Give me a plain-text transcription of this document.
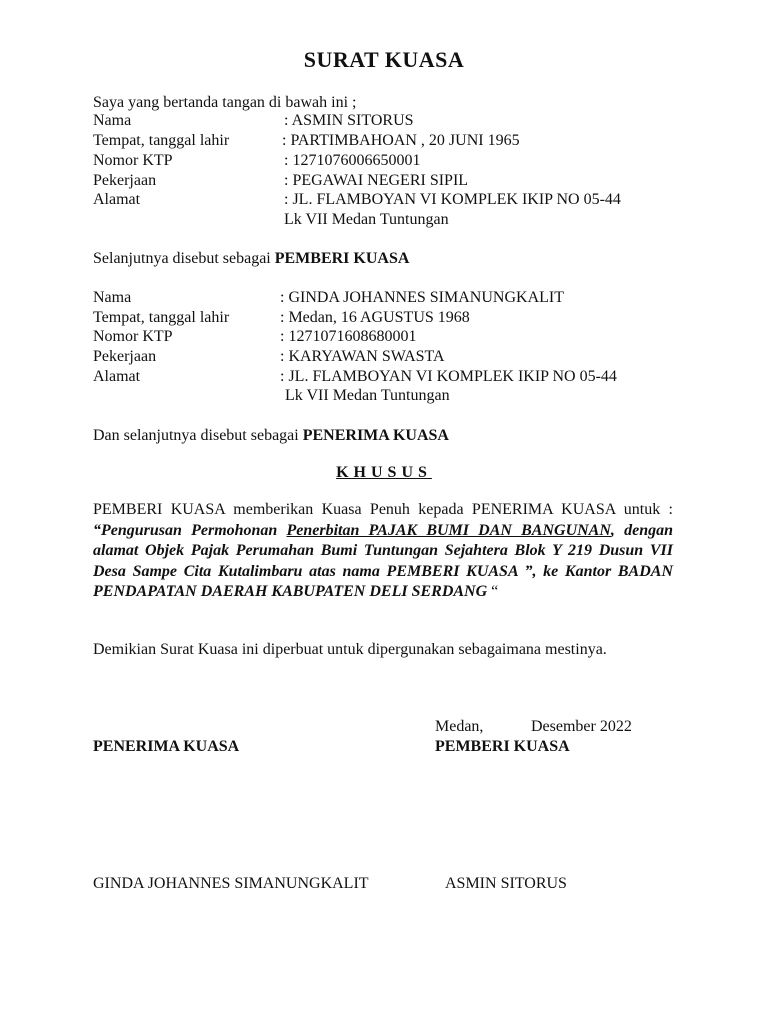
SURAT KUASA
Saya yang bertanda tangan di bawah ini ;
Nama	: ASMIN SITORUS
Tempat, tanggal lahir	: PARTIMBAHOAN , 20 JUNI 1965
Nomor KTP	: 1271076006650001
Pekerjaan	: PEGAWAI NEGERI SIPIL
Alamat	: JL. FLAMBOYAN VI KOMPLEK IKIP NO 05-44
Lk VII Medan Tuntungan
Selanjutnya disebut sebagai PEMBERI KUASA
Nama	: GINDA JOHANNES SIMANUNGKALIT
Tempat, tanggal lahir	: Medan, 16 AGUSTUS 1968
Nomor KTP	: 1271071608680001
Pekerjaan	: KARYAWAN SWASTA
Alamat	: JL. FLAMBOYAN VI KOMPLEK IKIP NO 05-44
Lk VII Medan Tuntungan
Dan selanjutnya disebut sebagai PENERIMA KUASA
KHUSUS
PEMBERI KUASA memberikan Kuasa Penuh kepada PENERIMA KUASA untuk : “Pengurusan Permohonan Penerbitan PAJAK BUMI DAN BANGUNAN, dengan alamat Objek Pajak Perumahan Bumi Tuntungan Sejahtera Blok Y 219 Dusun VII Desa Sampe Cita Kutalimbaru atas nama PEMBERI KUASA ”, ke Kantor BADAN PENDAPATAN DAERAH KABUPATEN DELI SERDANG “
Demikian Surat Kuasa ini diperbuat untuk dipergunakan sebagaimana mestinya.
Medan,	Desember 2022
PENERIMA KUASA	PEMBERI KUASA
GINDA JOHANNES SIMANUNGKALIT	ASMIN SITORUS
